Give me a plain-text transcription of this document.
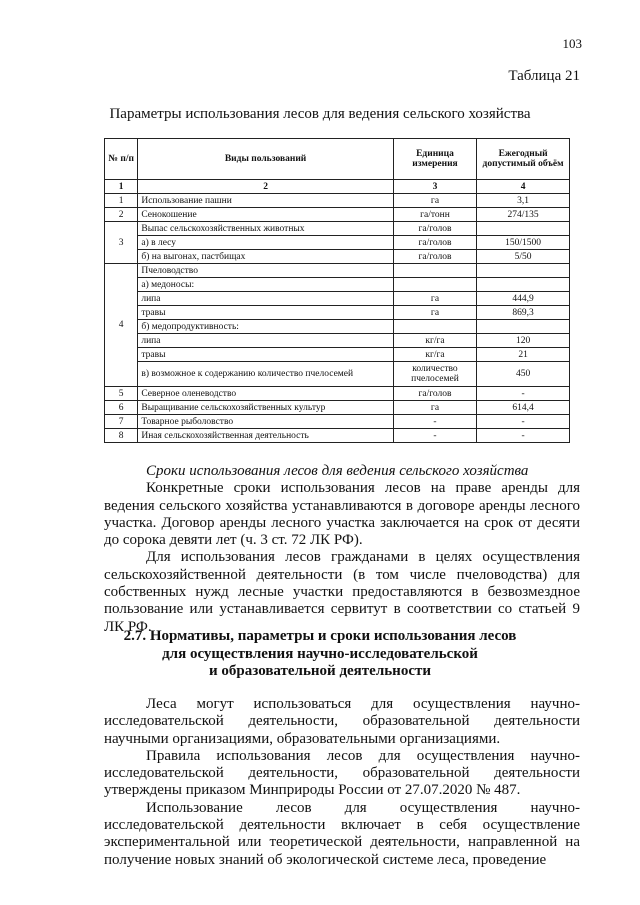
103
Таблица 21
Параметры использования лесов для ведения сельского хозяйства
№ п/п	Виды пользований	Единица измерения	Ежегодный допустимый объём
1	2	3	4
1	Использование пашни	га	3,1
2	Сенокошение	га/тонн	274/135
3	Выпас сельскохозяйственных животных	га/голов	
	а) в лесу	га/голов	150/1500
	б) на выгонах, пастбищах	га/голов	5/50
4	Пчеловодство		
	а) медоносы:		
	липа	га	444,9
	травы	га	869,3
	б) медопродуктивность:		
	липа	кг/га	120
	травы	кг/га	21
	в) возможное к содержанию количество пчелосемей	количество пчелосемей	450
5	Северное оленеводство	га/голов	-
6	Выращивание сельскохозяйственных культур	га	614,4
7	Товарное рыболовство	-	-
8	Иная сельскохозяйственная деятельность	-	-

Сроки использования лесов для ведения сельского хозяйства

Конкретные сроки использования лесов на праве аренды для ведения сельского хозяйства устанавливаются в договоре аренды лесного участка. Договор аренды лесного участка заключается на срок от десяти до сорока девяти лет (ч. 3 ст. 72 ЛК РФ).

Для использования лесов гражданами в целях осуществления сельскохозяйственной деятельности (в том числе пчеловодства) для собственных нужд лесные участки предоставляются в безвозмездное пользование или устанавливается сервитут в соответствии со статьей 9 ЛК РФ.

2.7. Нормативы, параметры и сроки использования лесов
для осуществления научно-исследовательской
и образовательной деятельности

Леса могут использоваться для осуществления научно-исследовательской деятельности, образовательной деятельности научными организациями, образовательными организациями.

Правила использования лесов для осуществления научно-исследовательской деятельности, образовательной деятельности утверждены приказом Минприроды России от 27.07.2020 № 487.

Использование лесов для осуществления научно-исследовательской деятельности включает в себя осуществление экспериментальной или теоретической деятельности, направленной на получение новых знаний об экологической системе леса, проведение
